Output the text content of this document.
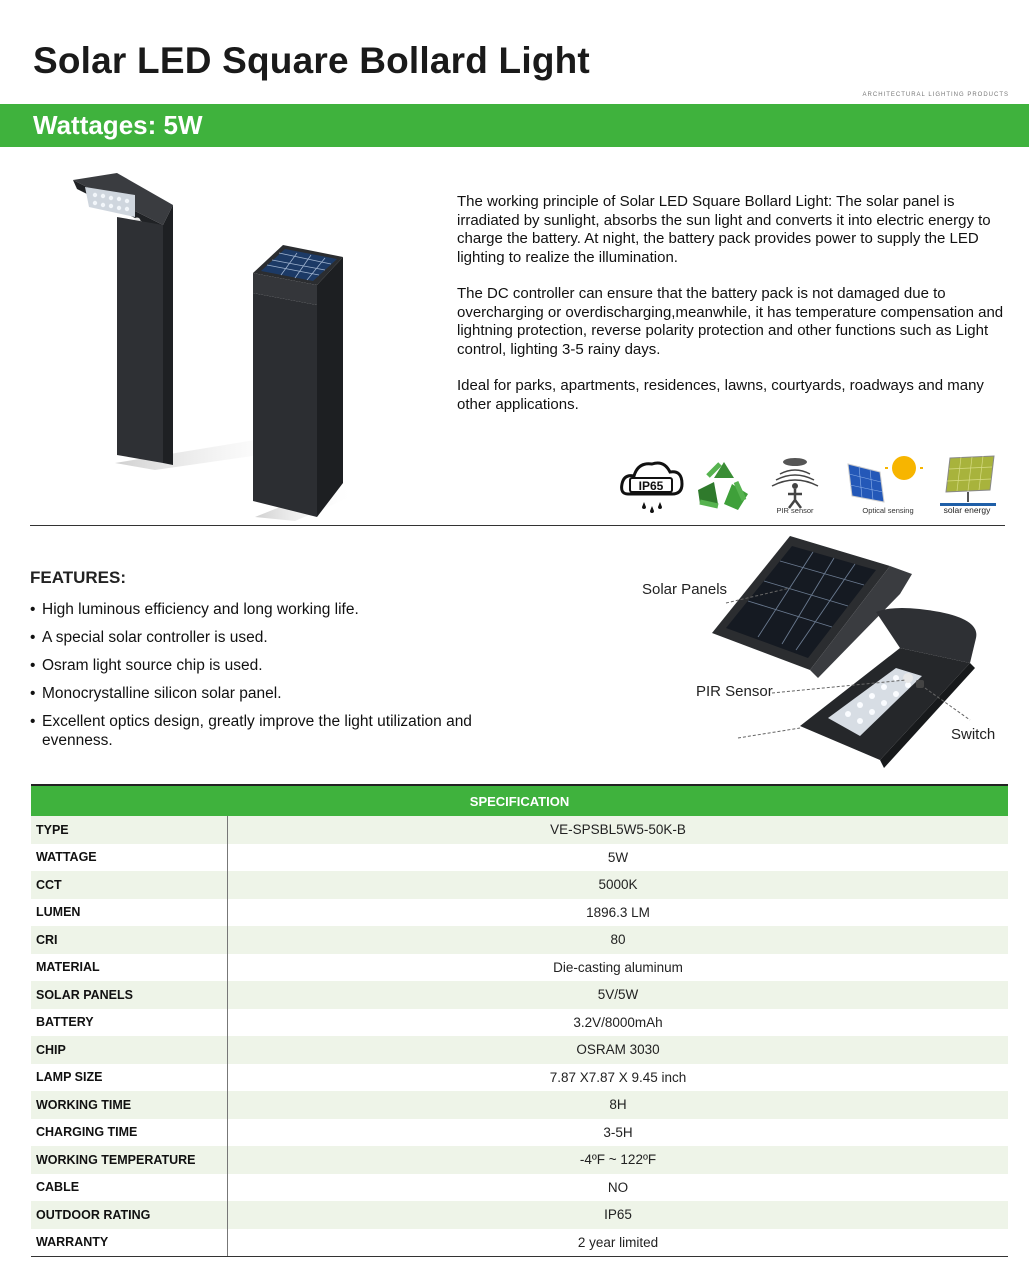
Solar LED Square Bollard Light
ARCHITECTURAL LIGHTING PRODUCTS
Wattages: 5W

The working principle of Solar LED Square Bollard Light: The solar panel is irradiated by sunlight, absorbs the sun light and converts it into electric energy to charge the battery. At night, the battery pack provides power to supply the LED lighting to realize the illumination.

The DC controller can ensure that the battery pack is not damaged due to overcharging or overdischarging,meanwhile, it has temperature compensation and lightning protection, reverse polarity protection and other functions such as Light control, lighting 3-5 rainy days.

Ideal for parks, apartments, residences, lawns, courtyards, roadways and many other applications.

IP65
PIR sensor	Optical sensing	solar energy
FEATURES:
• High luminous efficiency and long working life.
• A special solar controller is used.
• Osram light source chip is used.
• Monocrystalline silicon solar panel.
• Excellent optics design, greatly improve the light utilization and evenness.
Solar Panels
PIR Sensor
Switch
SPECIFICATION	
TYPE	VE-SPSBL5W5-50K-B
WATTAGE	5W
CCT	5000K
LUMEN	1896.3 LM
CRI	80
MATERIAL	Die-casting aluminum
SOLAR PANELS	5V/5W
BATTERY	3.2V/8000mAh
CHIP	OSRAM 3030
LAMP SIZE	7.87 X7.87 X 9.45 inch
WORKING TIME	8H
CHARGING TIME	3-5H
WORKING TEMPERATURE	-4ºF ~ 122ºF
CABLE	NO
OUTDOOR RATING	IP65
WARRANTY	2 year limited
